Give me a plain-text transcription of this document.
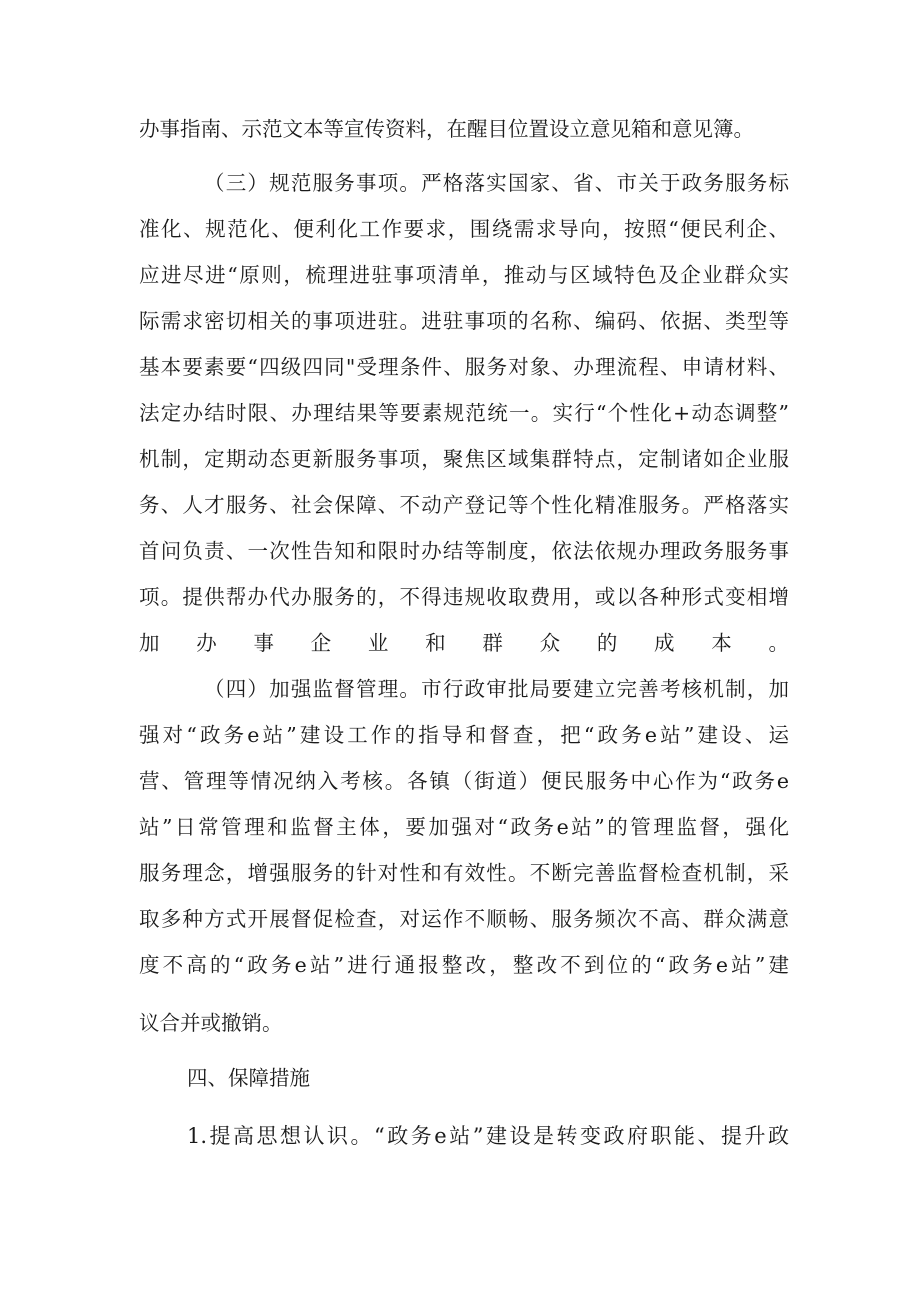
办事指南、示范文本等宣传资料，在醒目位置设立意见箱和意见簿。
（三）规范服务事项。严格落实国家、省、市关于政务服务标
准化、规范化、便利化工作要求，围绕需求导向，按照“便民利企、
应进尽进“原则，梳理进驻事项清单，推动与区域特色及企业群众实
际需求密切相关的事项进驻。进驻事项的名称、编码、依据、类型等
基本要素要“四级四同"受理条件、服务对象、办理流程、申请材料、
法定办结时限、办理结果等要素规范统一。实行“个性化+动态调整”
机制，定期动态更新服务事项，聚焦区域集群特点，定制诸如企业服
务、人才服务、社会保障、不动产登记等个性化精准服务。严格落实
首问负责、一次性告知和限时办结等制度，依法依规办理政务服务事
项。提供帮办代办服务的，不得违规收取费用，或以各种形式变相增
加办事企业和群众的成本。
（四）加强监督管理。市行政审批局要建立完善考核机制，加
强对“政务e站”建设工作的指导和督查，把“政务e站”建设、运
营、管理等情况纳入考核。各镇（街道）便民服务中心作为“政务e
站”日常管理和监督主体，要加强对“政务e站”的管理监督，强化
服务理念，增强服务的针对性和有效性。不断完善监督检查机制，采
取多种方式开展督促检查，对运作不顺畅、服务频次不高、群众满意
度不高的“政务e站”进行通报整改，整改不到位的“政务e站”建
议合并或撤销。
四、保障措施
1.提高思想认识。“政务e站”建设是转变政府职能、提升政
